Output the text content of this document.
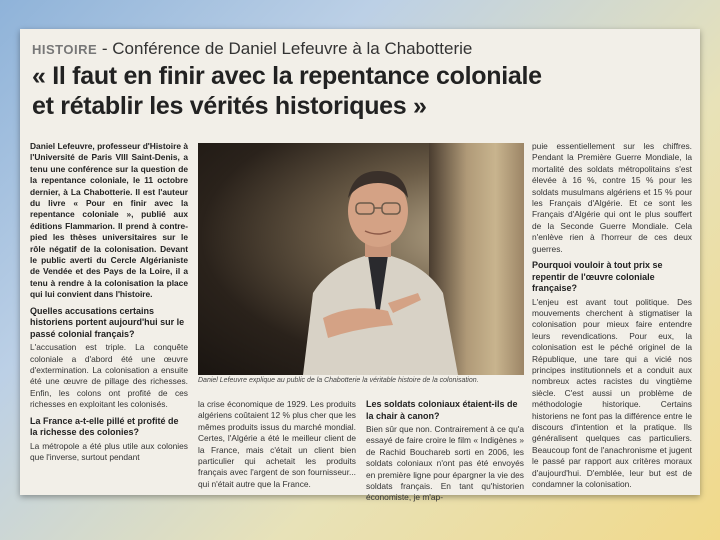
HISTOIRE - Conférence de Daniel Lefeuvre à la Chabotterie
« Il faut en finir avec la repentance coloniale
et rétablir les vérités historiques »

Daniel Lefeuvre, professeur d'Histoire à l'Université de Paris VIII Saint-Denis, a tenu une conférence sur la question de la repentance coloniale, le 11 octobre dernier, à La Chabotterie. Il est l'auteur du livre « Pour en finir avec la repentance coloniale », publié aux éditions Flammarion. Il prend à contre-pied les thèses universitaires sur le rôle négatif de la colonisation. Devant le public averti du Cercle Algérianiste de Vendée et des Pays de la Loire, il a tenu à rendre à la colonisation la place qui lui convient dans l'histoire.

Quelles accusations certains historiens portent aujourd'hui sur le passé colonial français?

L'accusation est triple. La conquête coloniale a d'abord été une œuvre d'extermination. La colonisation a ensuite été une œuvre de pillage des richesses. Enfin, les colons ont profité de ces richesses en exploitant les colonisés.

La France a-t-elle pillé et profité de la richesse des colonies?

La métropole a été plus utile aux colonies que l'inverse, surtout pendant

Daniel Lefeuvre explique au public de la Chabotterie la véritable histoire de la colonisation.

la crise économique de 1929. Les produits algériens coûtaient 12 % plus cher que les mêmes produits issus du marché mondial. Certes, l'Algérie a été le meilleur client de la France, mais c'était un client bien particulier qui achetait les produits français avec l'argent de son fournisseur... qui n'était autre que la France.

Les soldats coloniaux étaient-ils de la chair à canon?

Bien sûr que non. Contrairement à ce qu'a essayé de faire croire le film « Indigènes » de Rachid Bouchareb sorti en 2006, les soldats coloniaux n'ont pas été envoyés en première ligne pour épargner la vie des soldats français. En tant qu'historien économiste, je m'ap-

puie essentiellement sur les chiffres. Pendant la Première Guerre Mondiale, la mortalité des soldats métropolitains s'est élevée à 16 %, contre 15 % pour les soldats musulmans algériens et 15 % pour les Français d'Algérie. Et ce sont les Français d'Algérie qui ont le plus souffert de la Seconde Guerre Mondiale. Cela n'enlève rien à l'horreur de ces deux guerres.

Pourquoi vouloir à tout prix se repentir de l'œuvre coloniale française?

L'enjeu est avant tout politique. Des mouvements cherchent à stigmatiser la colonisation pour mieux faire entendre leurs revendications. Pour eux, la colonisation est le péché originel de la République, une tare qui a vicié nos principes institutionnels et a conduit aux nombreux actes racistes du vingtième siècle. C'est aussi un problème de méthodologie historique. Certains historiens ne font pas la différence entre le discours d'intention et la pratique. Ils généralisent quelques cas particuliers. Beaucoup font de l'anachronisme et jugent le passé par rapport aux critères moraux d'aujourd'hui. D'emblée, leur but est de condamner la colonisation.
